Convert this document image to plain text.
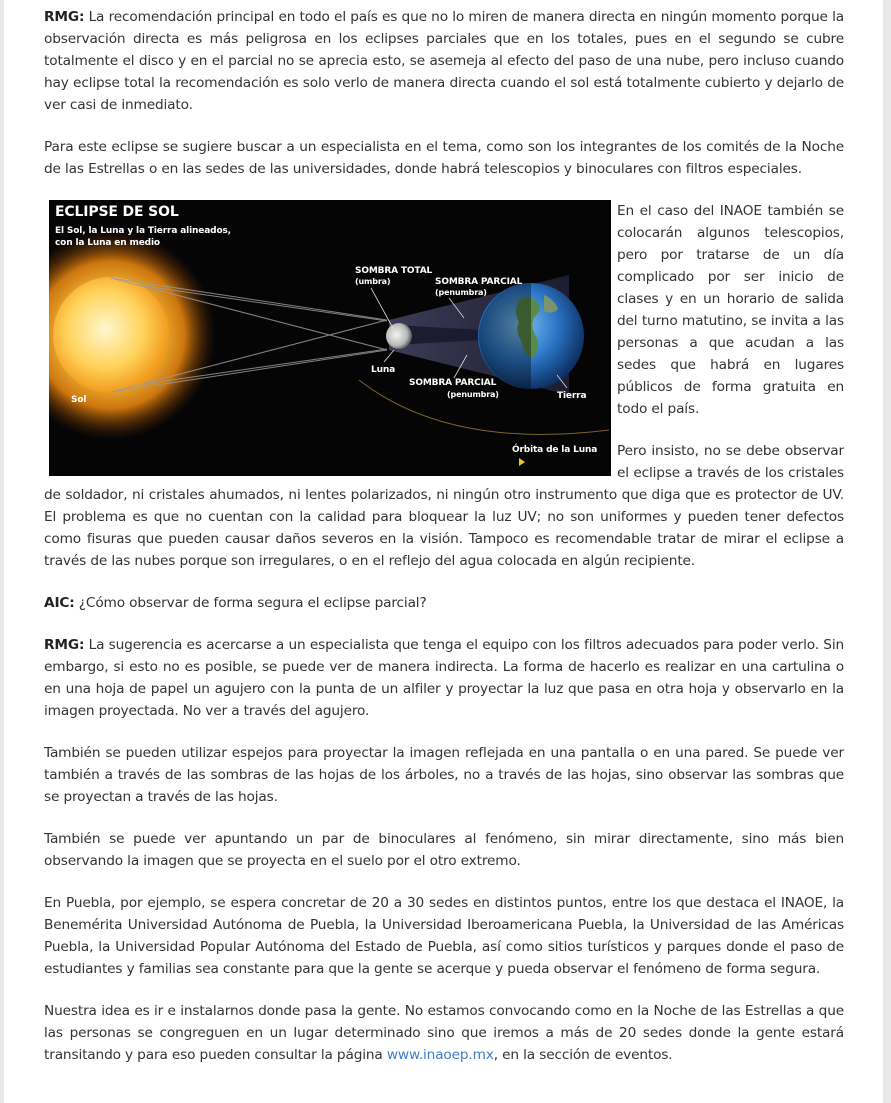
RMG: La recomendación principal en todo el país es que no lo miren de manera directa en ningún momento porque la observación directa es más peligrosa en los eclipses parciales que en los totales, pues en el segundo se cubre totalmente el disco y en el parcial no se aprecia esto, se asemeja al efecto del paso de una nube, pero incluso cuando hay eclipse total la recomendación es solo verlo de manera directa cuando el sol está totalmente cubierto y dejarlo de ver casi de inmediato.

Para este eclipse se sugiere buscar a un especialista en el tema, como son los integrantes de los comités de la Noche de las Estrellas o en las sedes de las universidades, donde habrá telescopios y binoculares con filtros especiales.

ECLIPSE DE SOL
El Sol, la Luna y la Tierra alineados,
con la Luna en medio
SOMBRA TOTAL
(umbra)	SOMBRA PARCIAL
(penumbra)
SOMBRA PARCIAL
(penumbra)
Sol
Luna
Tierra
Órbita de la Luna

En el caso del INAOE también se colocarán algunos telescopios, pero por tratarse de un día complicado por ser inicio de clases y en un horario de salida del turno matutino, se invita a las personas a que acudan a las sedes que habrá en lugares públicos de forma gratuita en todo el país.

Pero insisto, no se debe observar el eclipse a través de los cristales de soldador, ni cristales ahumados, ni lentes polarizados, ni ningún otro instrumento que diga que es protector de UV. El problema es que no cuentan con la calidad para bloquear la luz UV; no son uniformes y pueden tener defectos como fisuras que pueden causar daños severos en la visión. Tampoco es recomendable tratar de mirar el eclipse a través de las nubes porque son irregulares, o en el reflejo del agua colocada en algún recipiente.

AIC: ¿Cómo observar de forma segura el eclipse parcial?

RMG: La sugerencia es acercarse a un especialista que tenga el equipo con los filtros adecuados para poder verlo. Sin embargo, si esto no es posible, se puede ver de manera indirecta. La forma de hacerlo es realizar en una cartulina o en una hoja de papel un agujero con la punta de un alfiler y proyectar la luz que pasa en otra hoja y observarlo en la imagen proyectada. No ver a través del agujero.

También se pueden utilizar espejos para proyectar la imagen reflejada en una pantalla o en una pared. Se puede ver también a través de las sombras de las hojas de los árboles, no a través de las hojas, sino observar las sombras que se proyectan a través de las hojas.

También se puede ver apuntando un par de binoculares al fenómeno, sin mirar directamente, sino más bien observando la imagen que se proyecta en el suelo por el otro extremo.

En Puebla, por ejemplo, se espera concretar de 20 a 30 sedes en distintos puntos, entre los que destaca el INAOE, la Benemérita Universidad Autónoma de Puebla, la Universidad Iberoamericana Puebla, la Universidad de las Américas Puebla, la Universidad Popular Autónoma del Estado de Puebla, así como sitios turísticos y parques donde el paso de estudiantes y familias sea constante para que la gente se acerque y pueda observar el fenómeno de forma segura.

Nuestra idea es ir e instalarnos donde pasa la gente. No estamos convocando como en la Noche de las Estrellas a que las personas se congreguen en un lugar determinado sino que iremos a más de 20 sedes donde la gente estará transitando y para eso pueden consultar la página www.inaoep.mx, en la sección de eventos.
